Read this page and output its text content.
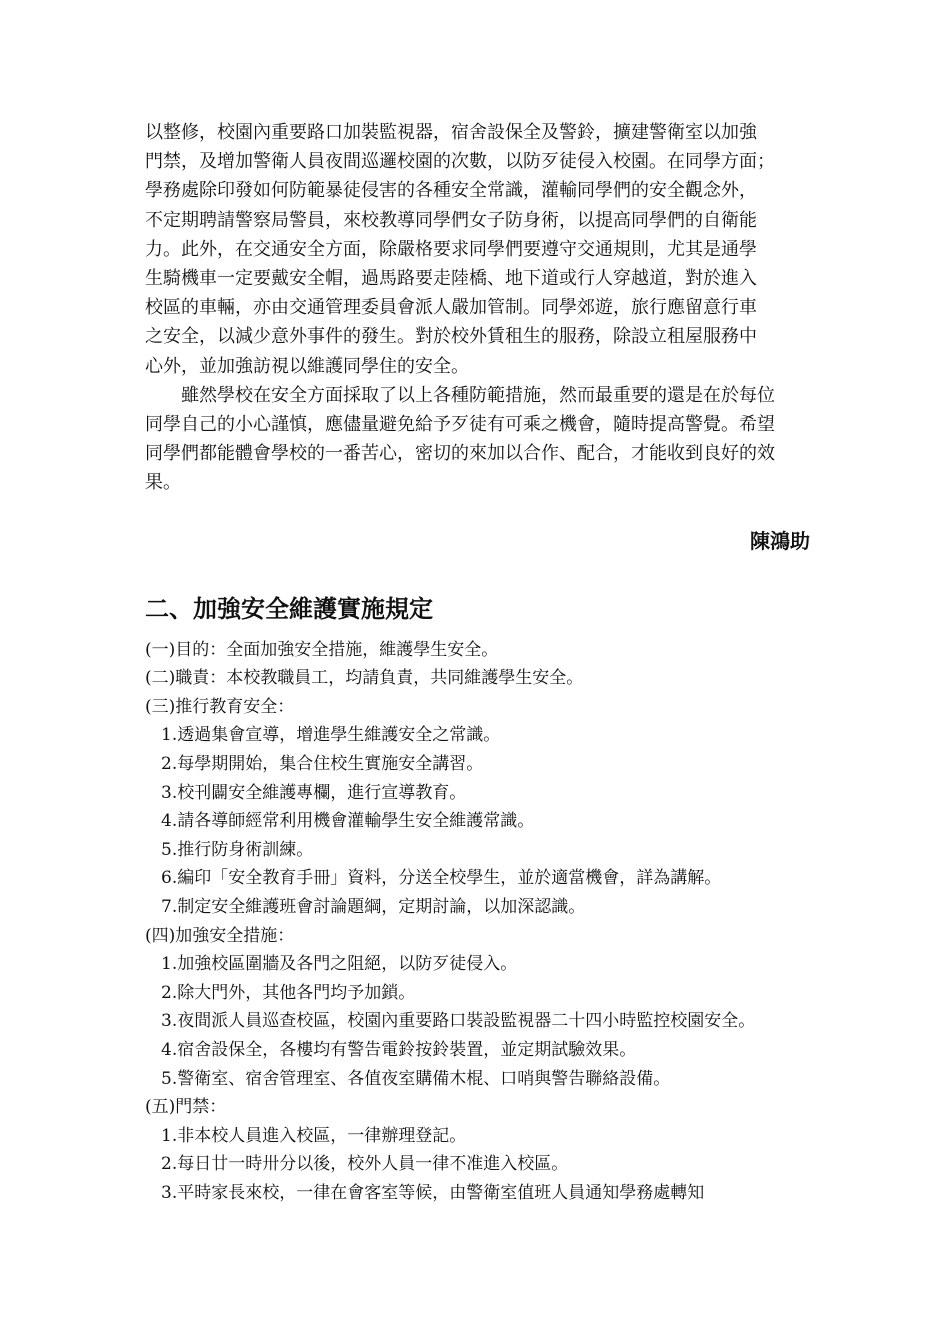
以整修，校園內重要路口加裝監視器，宿舍設保全及警鈴，擴建警衛室以加強
門禁，及增加警衛人員夜間巡邏校園的次數，以防歹徒侵入校園。在同學方面；
學務處除印發如何防範暴徒侵害的各種安全常識，灌輸同學們的安全觀念外，
不定期聘請警察局警員，來校教導同學們女子防身術，以提高同學們的自衛能
力。此外，在交通安全方面，除嚴格要求同學們要遵守交通規則，尤其是通學
生騎機車一定要戴安全帽，過馬路要走陸橋、地下道或行人穿越道，對於進入
校區的車輛，亦由交通管理委員會派人嚴加管制。同學郊遊，旅行應留意行車
之安全，以減少意外事件的發生。對於校外賃租生的服務，除設立租屋服務中
心外，並加強訪視以維護同學住的安全。

雖然學校在安全方面採取了以上各種防範措施，然而最重要的還是在於每位
同學自己的小心謹慎，應儘量避免給予歹徒有可乘之機會，隨時提高警覺。希望
同學們都能體會學校的一番苦心，密切的來加以合作、配合，才能收到良好的效
果。

陳鴻助
二、加強安全維護實施規定
(一)目的：全面加強安全措施，維護學生安全。
(二)職責：本校教職員工，均請負責，共同維護學生安全。
(三)推行教育安全：
1.透過集會宣導，增進學生維護安全之常識。
2.每學期開始，集合住校生實施安全講習。
3.校刊闢安全維護專欄，進行宣導教育。
4.請各導師經常利用機會灌輸學生安全維護常識。
5.推行防身術訓練。
6.編印「安全教育手冊」資料，分送全校學生，並於適當機會，詳為講解。
7.制定安全維護班會討論題綱，定期討論，以加深認識。
(四)加強安全措施：
1.加強校區圍牆及各門之阻絕，以防歹徒侵入。
2.除大門外，其他各門均予加鎖。
3.夜間派人員巡查校區，校園內重要路口裝設監視器二十四小時監控校園安全。
4.宿舍設保全，各樓均有警告電鈴按鈴裝置，並定期試驗效果。
5.警衛室、宿舍管理室、各值夜室購備木棍、口哨與警告聯絡設備。
(五)門禁：
1.非本校人員進入校區，一律辦理登記。
2.每日廿一時卅分以後，校外人員一律不准進入校區。
3.平時家長來校，一律在會客室等候，由警衛室值班人員通知學務處轉知
